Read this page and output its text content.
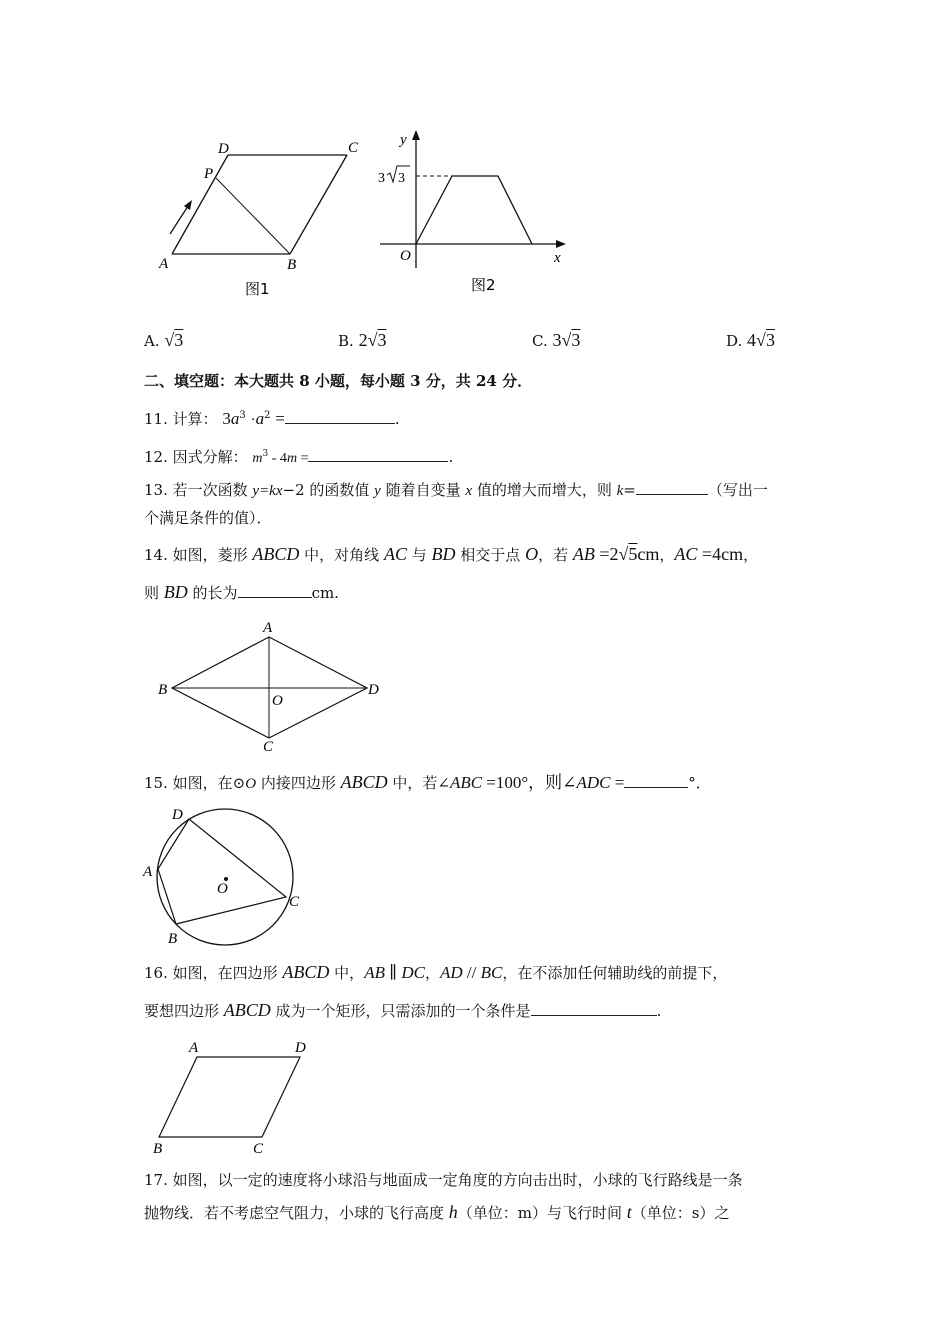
A	B
C
D
P
图1
y
x
O
3 3
图2
A. √3	B. 2√3	C. 3√3	D. 4√3
二、填空题：本大题共 8 小题，每小题 3 分，共 24 分．
11. 计算： $3a^3 \cdot a^2$ =	.
12. 因式分解： $m^3 - 4m$ =	.
13. 若一次函数 y=kx−2 的函数值 y 随着自变量 x 值的增大而增大，则 k=	（写出一
个满足条件的值）．
14. 如图，菱形 ABCD 中，对角线 AC 与 BD 相交于点 O，若 AB =2√5cm，AC =4cm，
则 BD 的长为	cm.
A
B
C
D
O
15. 如图，在⊙O 内接四边形 ABCD 中，若∠ABC =100°，则∠ADC =	°．
D
A
B
C
O
16. 如图，在四边形 ABCD 中，AB ∥ DC，AD // BC，在不添加任何辅助线的前提下，
要想四边形 ABCD 成为一个矩形，只需添加的一个条件是	.
A	D
B	C
17. 如图，以一定的速度将小球沿与地面成一定角度的方向击出时，小球的飞行路线是一条
抛物线．若不考虑空气阻力，小球的飞行高度 h（单位：m）与飞行时间 t（单位：s）之
